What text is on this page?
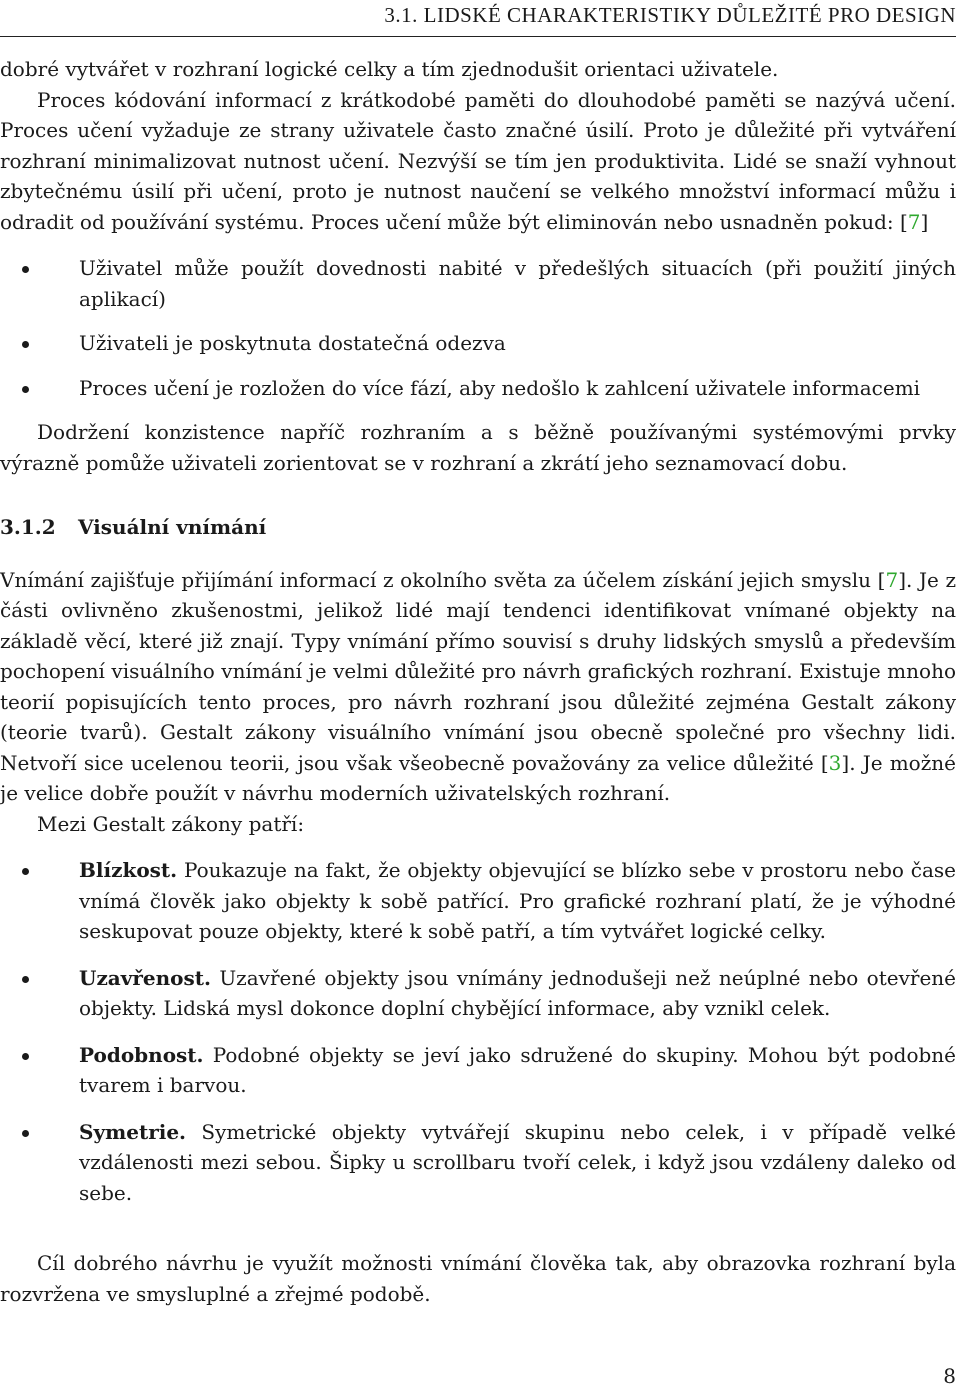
3.1. LIDSKÉ CHARAKTERISTIKY DŮLEŽITÉ PRO DESIGN

dobré vytvářet v rozhraní logické celky a tím zjednodušit orientaci uživatele.

Proces kódování informací z krátkodobé paměti do dlouhodobé paměti se nazývá učení. Proces učení vyžaduje ze strany uživatele často značné úsilí. Proto je důležité při vytváření rozhraní minimalizovat nutnost učení. Nezvýší se tím jen produktivita. Lidé se snaží vyhnout zbytečnému úsilí při učení, proto je nutnost naučení se velkého množství informací můžu i odradit od používání systému. Proces učení může být eliminován nebo usnadněn pokud: [7]

Uživatel může použít dovednosti nabité v předešlých situacích (při použití jiných aplikací)
Uživateli je poskytnuta dostatečná odezva
Proces učení je rozložen do více fází, aby nedošlo k zahlcení uživatele informacemi

Dodržení konzistence napříč rozhraním a s běžně používanými systémovými prvky výrazně pomůže uživateli zorientovat se v rozhraní a zkrátí jeho seznamovací dobu.

3.1.2 Visuální vnímání

Vnímání zajišťuje přijímání informací z okolního světa za účelem získání jejich smyslu [7]. Je z části ovlivněno zkušenostmi, jelikož lidé mají tendenci identifikovat vnímané objekty na základě věcí, které již znají. Typy vnímání přímo souvisí s druhy lidských smyslů a především pochopení visuálního vnímání je velmi důležité pro návrh grafických rozhraní. Existuje mnoho teorií popisujících tento proces, pro návrh rozhraní jsou důležité zejména Gestalt zákony (teorie tvarů). Gestalt zákony visuálního vnímání jsou obecně společné pro všechny lidi. Netvoří sice ucelenou teorii, jsou však všeobecně považovány za velice důležité [3]. Je možné je velice dobře použít v návrhu moderních uživatelských rozhraní.

Mezi Gestalt zákony patří:

Blízkost. Poukazuje na fakt, že objekty objevující se blízko sebe v prostoru nebo čase vnímá člověk jako objekty k sobě patřící. Pro grafické rozhraní platí, že je výhodné seskupovat pouze objekty, které k sobě patří, a tím vytvářet logické celky.
Uzavřenost. Uzavřené objekty jsou vnímány jednodušeji než neúplné nebo otevřené objekty. Lidská mysl dokonce doplní chybějící informace, aby vznikl celek.
Podobnost. Podobné objekty se jeví jako sdružené do skupiny. Mohou být podobné tvarem i barvou.
Symetrie. Symetrické objekty vytvářejí skupinu nebo celek, i v případě velké vzdálenosti mezi sebou. Šipky u scrollbaru tvoří celek, i když jsou vzdáleny daleko od sebe.

Cíl dobrého návrhu je využít možnosti vnímání člověka tak, aby obrazovka rozhraní byla rozvržena ve smysluplné a zřejmé podobě.

8
